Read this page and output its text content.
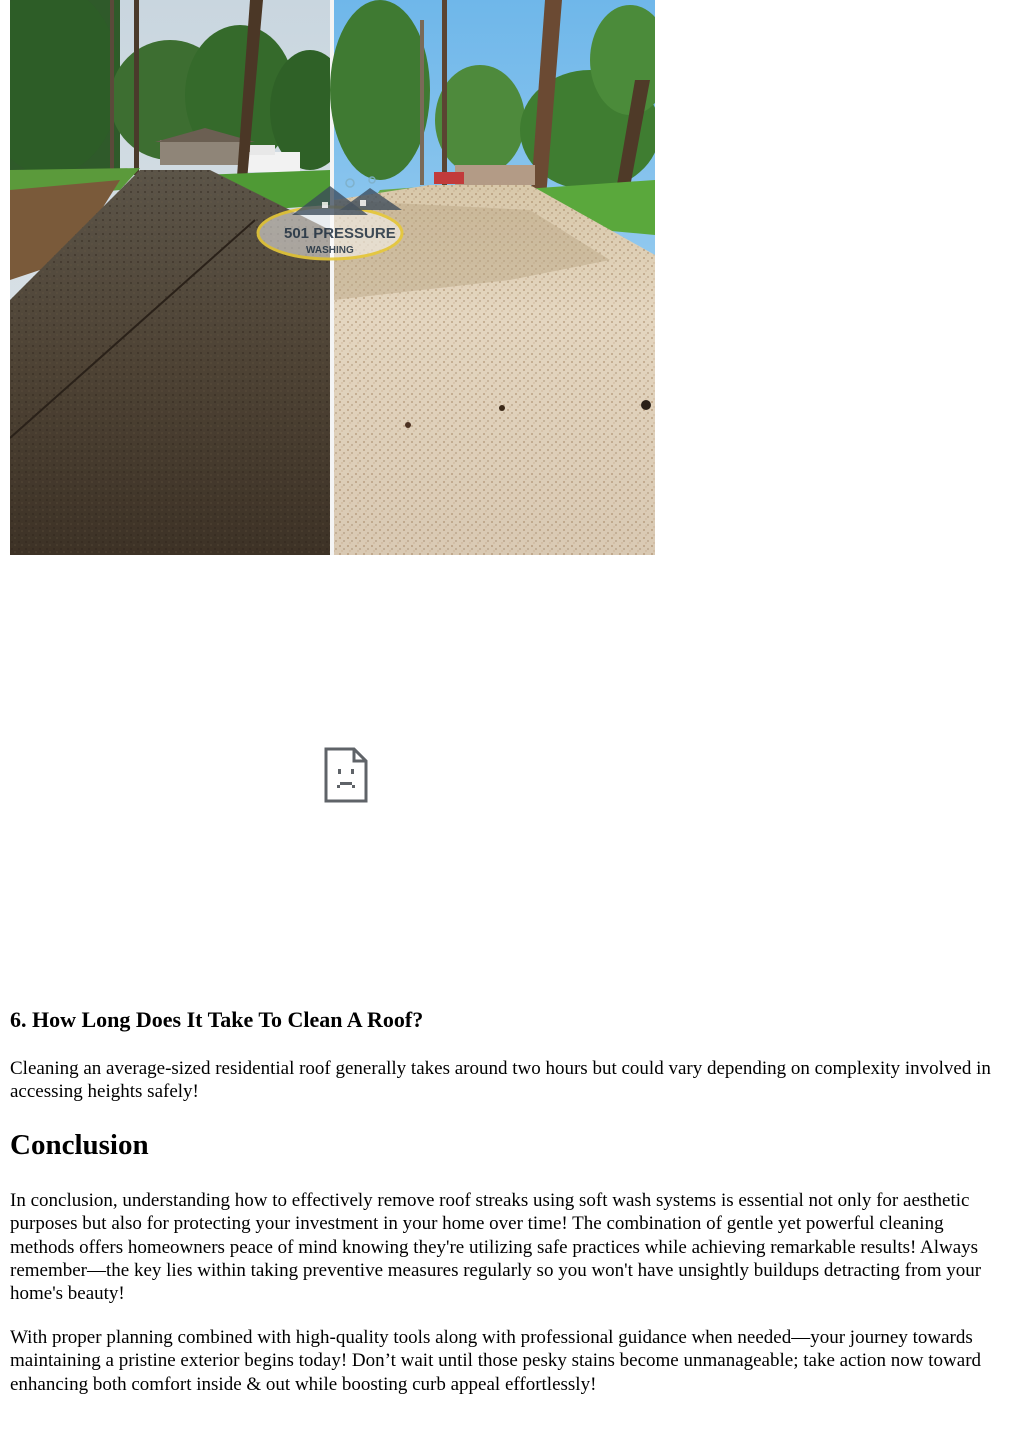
501 PRESSURE
WASHING
6. How Long Does It Take To Clean A Roof?

Cleaning an average-sized residential roof generally takes around two hours but could vary depending on complexity involved in accessing heights safely!

Conclusion

In conclusion, understanding how to effectively remove roof streaks using soft wash systems is essential not only for aesthetic purposes but also for protecting your investment in your home over time! The combination of gentle yet powerful cleaning methods offers homeowners peace of mind knowing they're utilizing safe practices while achieving remarkable results! Always remember—the key lies within taking preventive measures regularly so you won't have unsightly buildups detracting from your home's beauty!

With proper planning combined with high-quality tools along with professional guidance when needed—your journey towards maintaining a pristine exterior begins today! Don’t wait until those pesky stains become unmanageable; take action now toward enhancing both comfort inside & out while boosting curb appeal effortlessly!
